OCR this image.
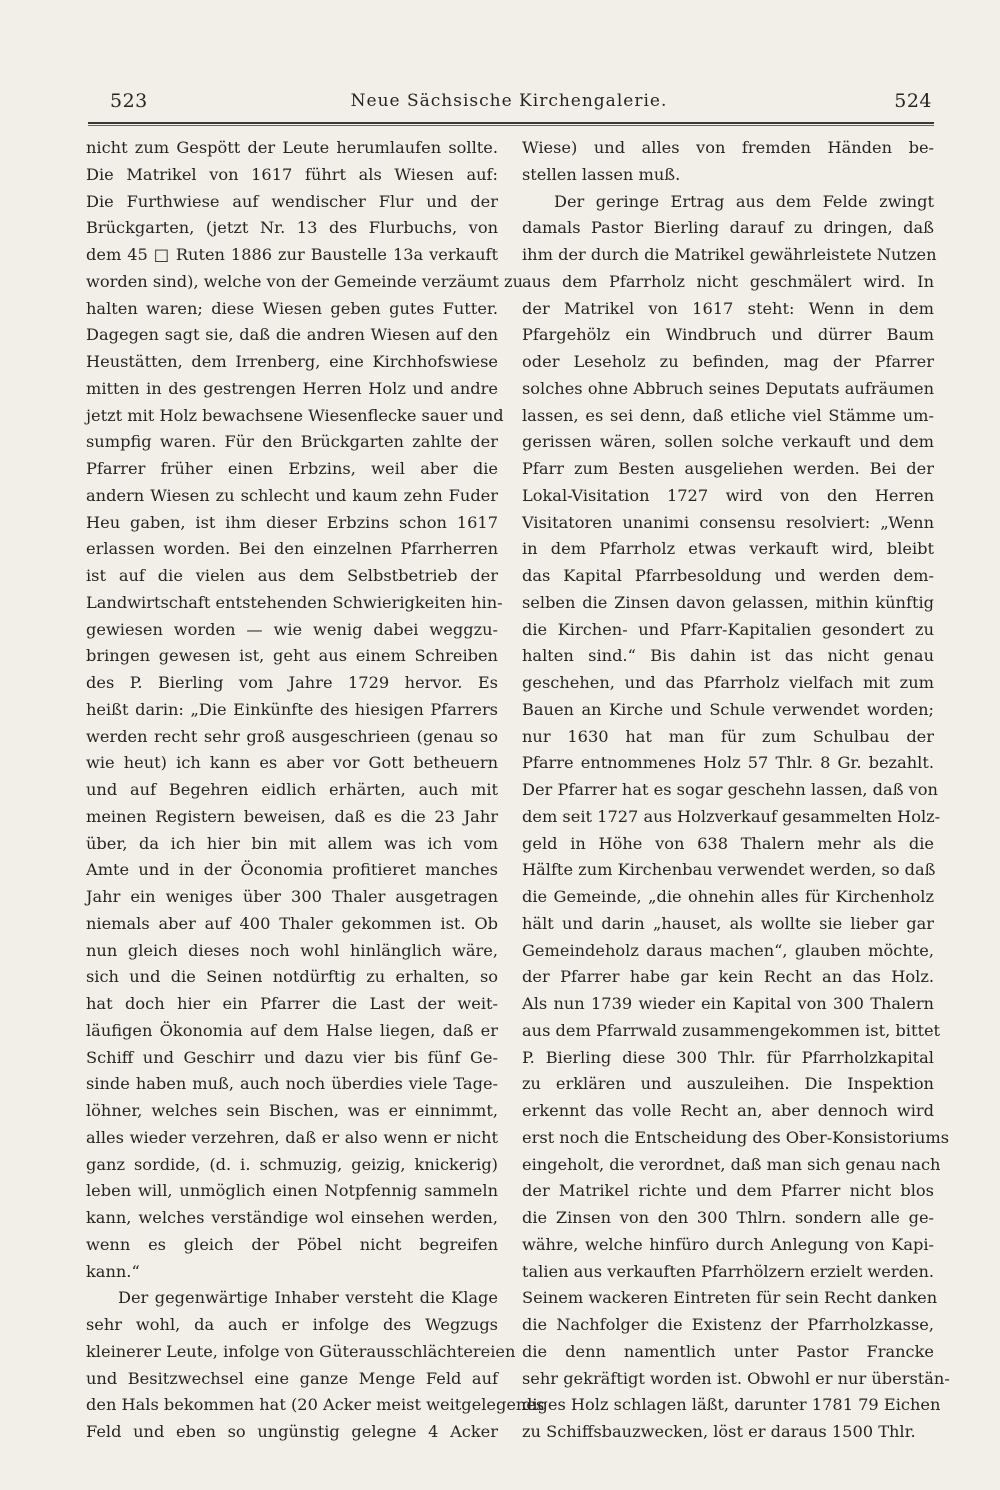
523	Neue Sächsische Kirchengalerie.	524
nicht zum Gespött der Leute herumlaufen sollte.
Die Matrikel von 1617 führt als Wiesen auf:
Die Furthwiese auf wendischer Flur und der
Brückgarten, (jetzt Nr. 13 des Flurbuchs, von
dem 45 □ Ruten 1886 zur Baustelle 13a verkauft
worden sind), welche von der Gemeinde verzäumt zu
halten waren; diese Wiesen geben gutes Futter.
Dagegen sagt sie, daß die andren Wiesen auf den
Heustätten, dem Irrenberg, eine Kirchhofswiese
mitten in des gestrengen Herren Holz und andre
jetzt mit Holz bewachsene Wiesenflecke sauer und
sumpfig waren. Für den Brückgarten zahlte der
Pfarrer früher einen Erbzins, weil aber die
andern Wiesen zu schlecht und kaum zehn Fuder
Heu gaben, ist ihm dieser Erbzins schon 1617
erlassen worden. Bei den einzelnen Pfarrherren
ist auf die vielen aus dem Selbstbetrieb der
Landwirtschaft entstehenden Schwierigkeiten hin-
gewiesen worden — wie wenig dabei weggzu-
bringen gewesen ist, geht aus einem Schreiben
des P. Bierling vom Jahre 1729 hervor. Es
heißt darin: „Die Einkünfte des hiesigen Pfarrers
werden recht sehr groß ausgeschrieen (genau so
wie heut) ich kann es aber vor Gott betheuern
und auf Begehren eidlich erhärten, auch mit
meinen Registern beweisen, daß es die 23 Jahr
über, da ich hier bin mit allem was ich vom
Amte und in der Öconomia profitieret manches
Jahr ein weniges über 300 Thaler ausgetragen
niemals aber auf 400 Thaler gekommen ist. Ob
nun gleich dieses noch wohl hinlänglich wäre,
sich und die Seinen notdürftig zu erhalten, so
hat doch hier ein Pfarrer die Last der weit-
läufigen Ökonomia auf dem Halse liegen, daß er
Schiff und Geschirr und dazu vier bis fünf Ge-
sinde haben muß, auch noch überdies viele Tage-
löhner, welches sein Bischen, was er einnimmt,
alles wieder verzehren, daß er also wenn er nicht
ganz sordide, (d. i. schmuzig, geizig, knickerig)
leben will, unmöglich einen Notpfennig sammeln
kann, welches verständige wol einsehen werden,
wenn es gleich der Pöbel nicht begreifen
kann.“
Der gegenwärtige Inhaber versteht die Klage
sehr wohl, da auch er infolge des Wegzugs
kleinerer Leute, infolge von Güterausschlächtereien
und Besitzwechsel eine ganze Menge Feld auf
den Hals bekommen hat (20 Acker meist weitgelegenes
Feld und eben so ungünstig gelegne 4 Acker
Wiese) und alles von fremden Händen be-
stellen lassen muß.
Der geringe Ertrag aus dem Felde zwingt
damals Pastor Bierling darauf zu dringen, daß
ihm der durch die Matrikel gewährleistete Nutzen
aus dem Pfarrholz nicht geschmälert wird. In
der Matrikel von 1617 steht: Wenn in dem
Pfargehölz ein Windbruch und dürrer Baum
oder Leseholz zu befinden, mag der Pfarrer
solches ohne Abbruch seines Deputats aufräumen
lassen, es sei denn, daß etliche viel Stämme um-
gerissen wären, sollen solche verkauft und dem
Pfarr zum Besten ausgeliehen werden. Bei der
Lokal-Visitation 1727 wird von den Herren
Visitatoren unanimi consensu resolviert: „Wenn
in dem Pfarrholz etwas verkauft wird, bleibt
das Kapital Pfarrbesoldung und werden dem-
selben die Zinsen davon gelassen, mithin künftig
die Kirchen- und Pfarr-Kapitalien gesondert zu
halten sind.“ Bis dahin ist das nicht genau
geschehen, und das Pfarrholz vielfach mit zum
Bauen an Kirche und Schule verwendet worden;
nur 1630 hat man für zum Schulbau der
Pfarre entnommenes Holz 57 Thlr. 8 Gr. bezahlt.
Der Pfarrer hat es sogar geschehn lassen, daß von
dem seit 1727 aus Holzverkauf gesammelten Holz-
geld in Höhe von 638 Thalern mehr als die
Hälfte zum Kirchenbau verwendet werden, so daß
die Gemeinde, „die ohnehin alles für Kirchenholz
hält und darin „hauset, als wollte sie lieber gar
Gemeindeholz daraus machen“, glauben möchte,
der Pfarrer habe gar kein Recht an das Holz.
Als nun 1739 wieder ein Kapital von 300 Thalern
aus dem Pfarrwald zusammengekommen ist, bittet
P. Bierling diese 300 Thlr. für Pfarrholzkapital
zu erklären und auszuleihen. Die Inspektion
erkennt das volle Recht an, aber dennoch wird
erst noch die Entscheidung des Ober-Konsistoriums
eingeholt, die verordnet, daß man sich genau nach
der Matrikel richte und dem Pfarrer nicht blos
die Zinsen von den 300 Thlrn. sondern alle ge-
währe, welche hinfüro durch Anlegung von Kapi-
talien aus verkauften Pfarrhölzern erzielt werden.
Seinem wackeren Eintreten für sein Recht danken
die Nachfolger die Existenz der Pfarrholzkasse,
die denn namentlich unter Pastor Francke
sehr gekräftigt worden ist. Obwohl er nur überstän-
diges Holz schlagen läßt, darunter 1781 79 Eichen
zu Schiffsbauzwecken, löst er daraus 1500 Thlr.
